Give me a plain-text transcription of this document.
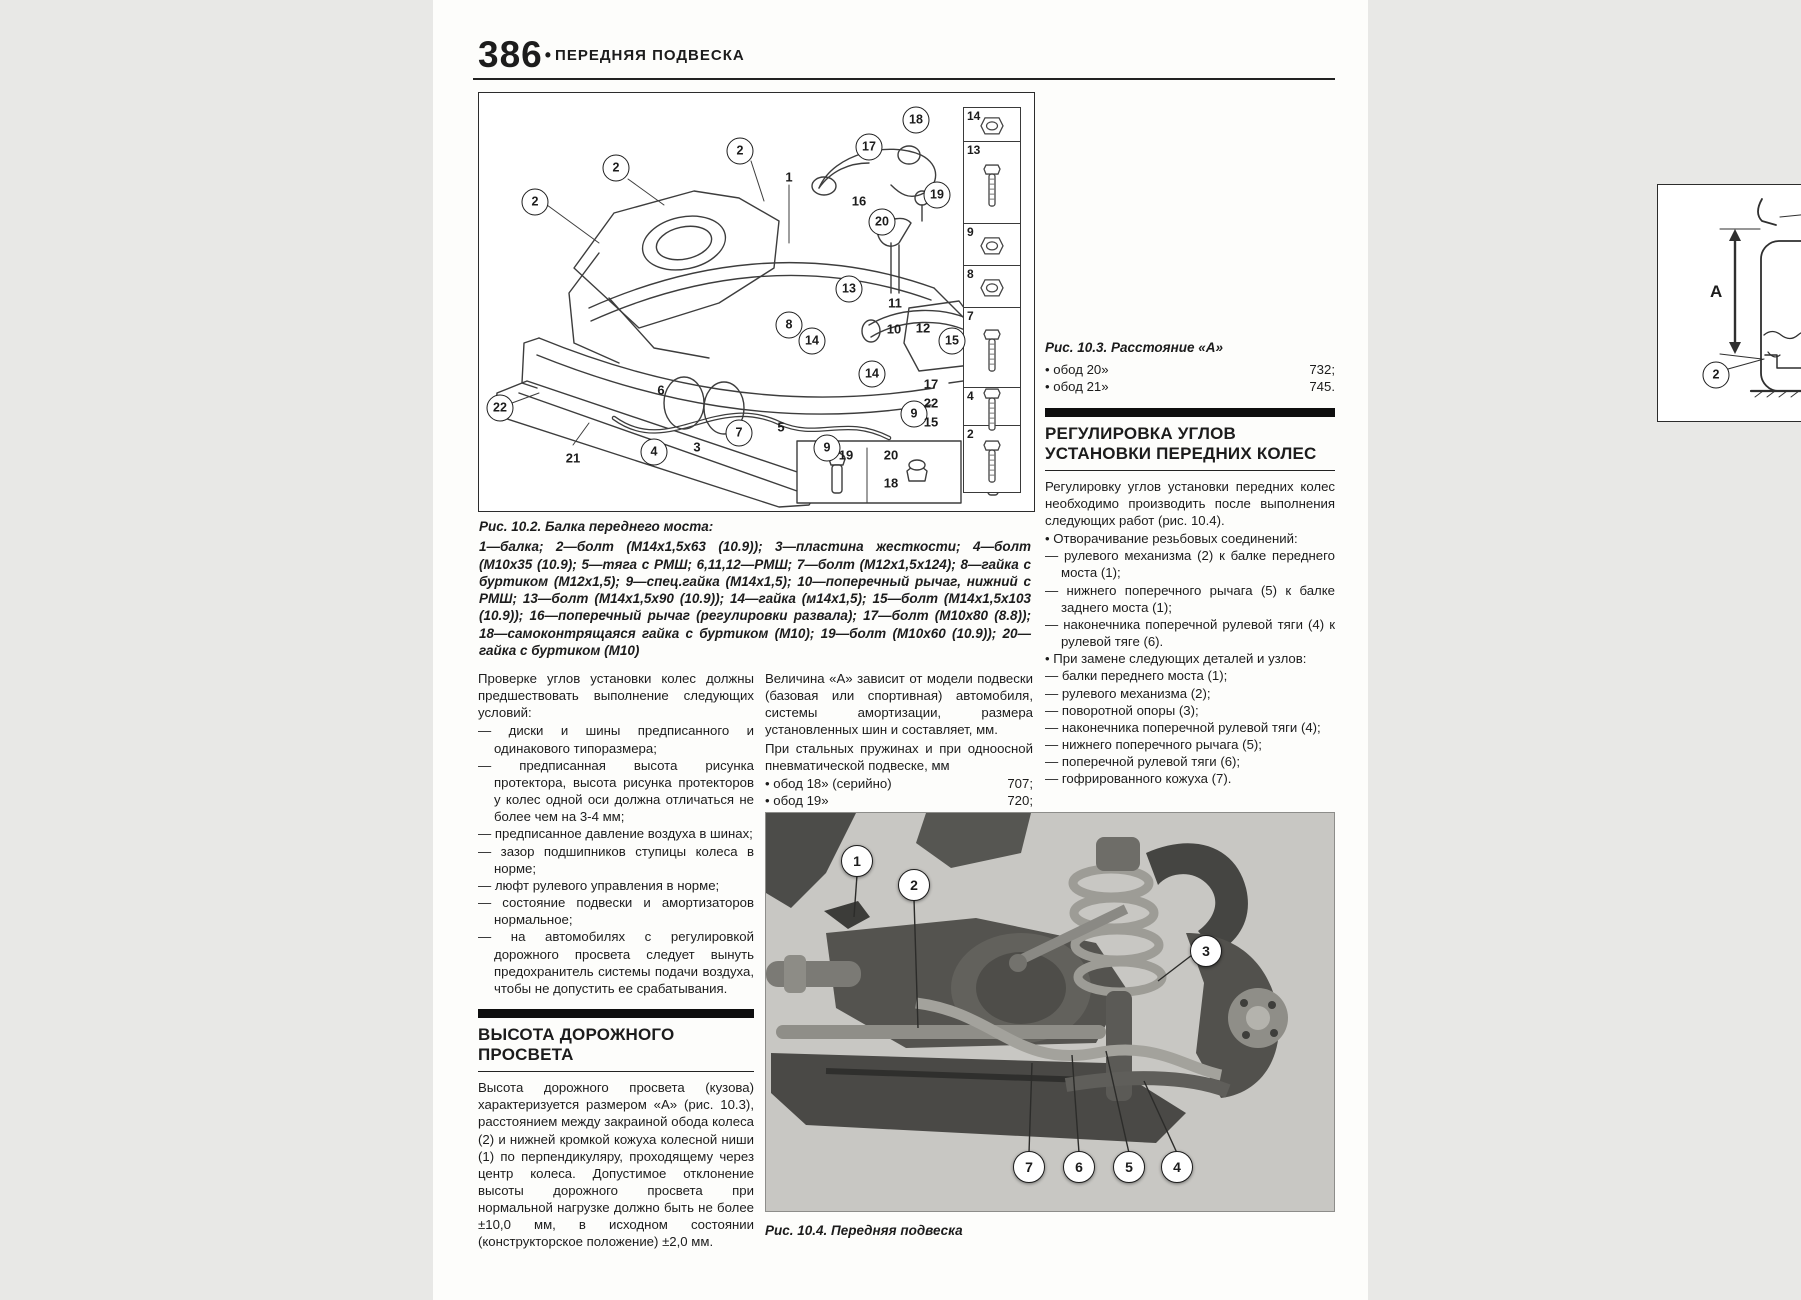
386 • ПЕРЕДНЯЯ ПОДВЕСКА
14
13
9
8
7
4
2
2
2
2
1
17
18
16	19
20
13
11
8
14
10 12
15
14
9
22
21	4	3
7	5
6
9
17
22
15
19 20
18
Рис. 10.2. Балка переднего моста:
1—балка; 2—болт (М14х1,5х63 (10.9)); 3—пластина жесткости; 4—болт (М10х35 (10.9); 5—тяга с РМШ; 6,11,12—РМШ; 7—болт (М12х1,5х124); 8—гайка с буртиком (М12х1,5); 9—спец.гайка (М14х1,5); 10—поперечный рычаг, нижний с РМШ; 13—болт (М14х1,5х90 (10.9)); 14—гайка (м14х1,5); 15—болт (М14х1,5х103 (10.9)); 16—поперечный рычаг (регулировки развала); 17—болт (М10х80 (8.8)); 18—самоконтрящаяся гайка с буртиком (М10); 19—болт (М10х60 (10.9)); 20—гайка с буртиком (М10)

Проверке углов установки колес должны предшествовать выполнение следующих условий:

— диски и шины предписанного и одинакового типоразмера;
— предписанная высота рисунка протектора, высота рисунка протекторов у колес одной оси должна отличаться не более чем на 3-4 мм;
— предписанное давление воздуха в шинах;
— зазор подшипников ступицы колеса в норме;
— люфт рулевого управления в норме;
— состояние подвески и амортизаторов нормальное;
— на автомобилях с регулировкой дорожного просвета следует вынуть предохранитель системы подачи воздуха, чтобы не допустить ее срабатывания.
ВЫСОТА ДОРОЖНОГО ПРОСВЕТА

Высота дорожного просвета (кузова) характеризуется размером «А» (рис. 10.3), расстоянием между закраиной обода колеса (2) и нижней кромкой кожуха колесной ниши (1) по перпендикуляру, проходящему через центр колеса. Допустимое отклонение высоты дорожного просвета при нормальной нагрузке должно быть не более ±10,0 мм, в исходном состоянии (конструкторское положение) ±2,0 мм.

Величина «А» зависит от модели подвески (базовая или спортивная) автомобиля, системы амортизации, размера установленных шин и составляет, мм.

При стальных пружинах и при одноосной пневматической подвеске, мм

• обод 18» (серийно)	707;
• обод 19»	720;
A
2
Рис. 10.3. Расстояние «А»
• обод 20»	732;
• обод 21»	745.
РЕГУЛИРОВКА УГЛОВ УСТАНОВКИ ПЕРЕДНИХ КОЛЕС

Регулировку углов установки передних колес необходимо производить после выполнения следующих работ (рис. 10.4).

• Отворачивание резьбовых соединений:
— рулевого механизма (2) к балке переднего моста (1);
— нижнего поперечного рычага (5) к балке заднего моста (1);
— наконечника поперечной рулевой тяги (4) к рулевой тяге (6).
• При замене следующих деталей и узлов:
— балки переднего моста (1);
— рулевого механизма (2);
— поворотной опоры (3);
— наконечника поперечной рулевой тяги (4);
— нижнего поперечного рычага (5);
— поперечной рулевой тяги (6);
— гофрированного кожуха (7).
1
2
3
7	6	5	4
Рис. 10.4. Передняя подвеска
